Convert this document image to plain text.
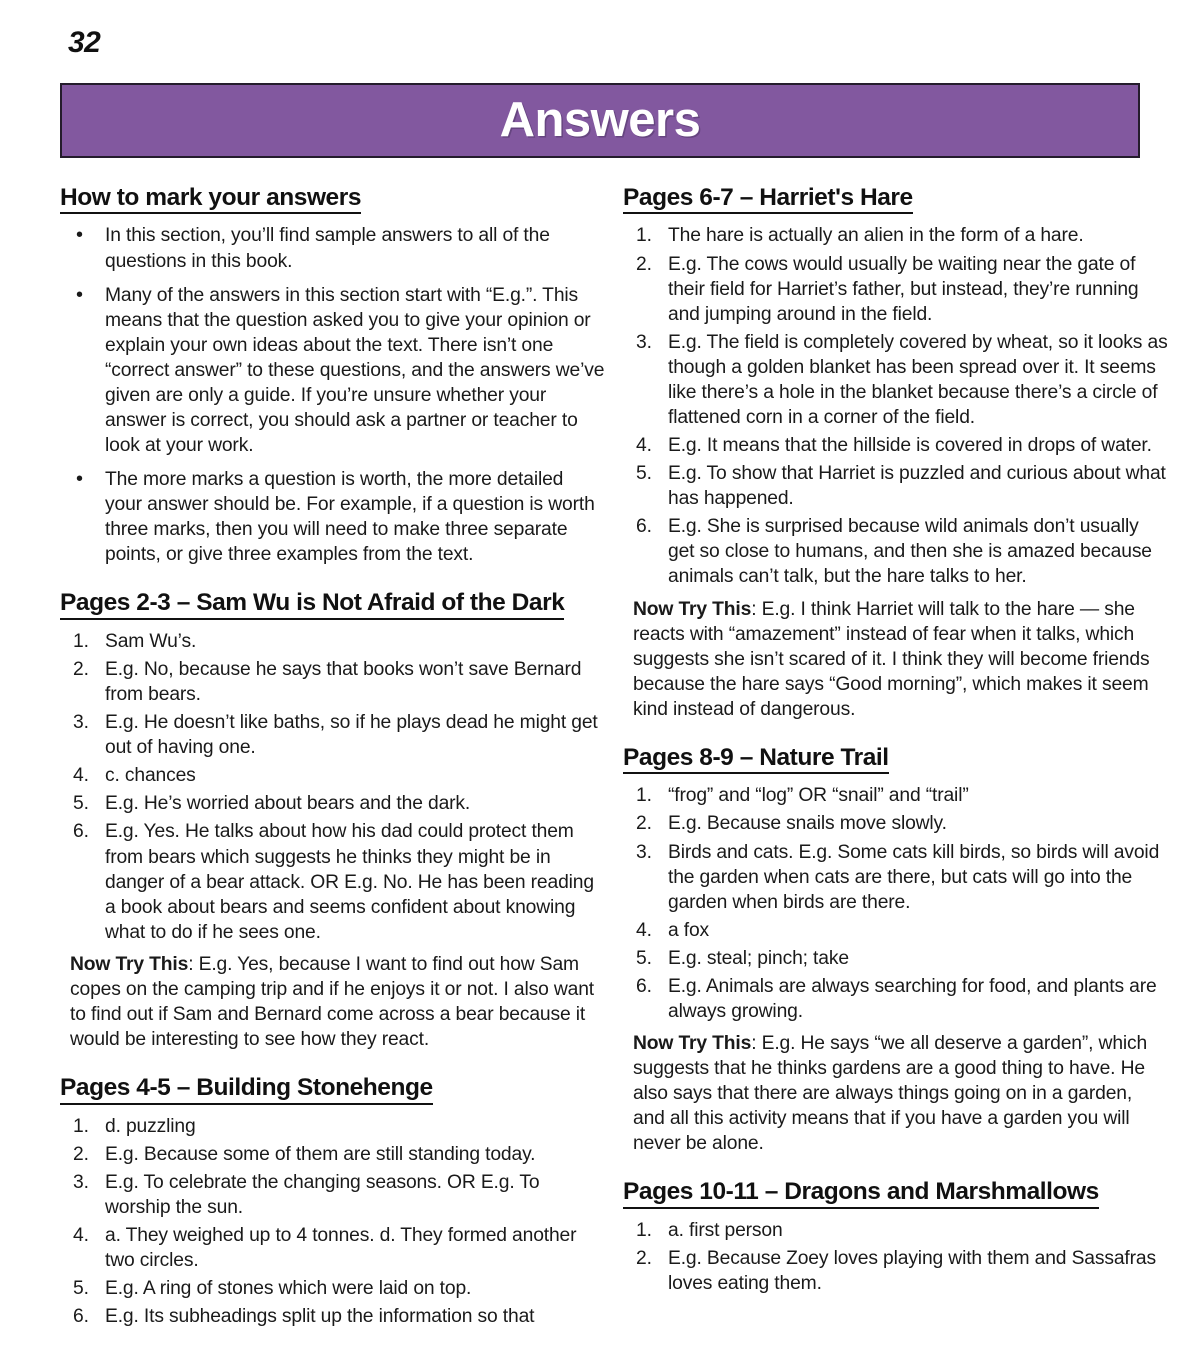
32
Answers
How to mark your answers
• In this section, you’ll find sample answers to all of the questions in this book.
• Many of the answers in this section start with “E.g.”. This means that the question asked you to give your opinion or explain your own ideas about the text. There isn’t one “correct answer” to these questions, and the answers we’ve given are only a guide. If you’re unsure whether your answer is correct, you should ask a partner or teacher to look at your work.
• The more marks a question is worth, the more detailed your answer should be. For example, if a question is worth three marks, then you will need to make three separate points, or give three examples from the text.
Pages 2-3 – Sam Wu is Not Afraid of the Dark
Sam Wu’s.
E.g. No, because he says that books won’t save Bernard from bears.
E.g. He doesn’t like baths, so if he plays dead he might get out of having one.
c. chances
E.g. He’s worried about bears and the dark.
E.g. Yes. He talks about how his dad could protect them from bears which suggests he thinks they might be in danger of a bear attack. OR E.g. No. He has been reading a book about bears and seems confident about knowing what to do if he sees one.

Now Try This: E.g. Yes, because I want to find out how Sam copes on the camping trip and if he enjoys it or not. I also want to find out if Sam and Bernard come across a bear because it would be interesting to see how they react.

Pages 4-5 – Building Stonehenge
d. puzzling
E.g. Because some of them are still standing today.
E.g. To celebrate the changing seasons. OR E.g. To worship the sun.
a. They weighed up to 4 tonnes. d. They formed another two circles.
E.g. A ring of stones which were laid on top.
E.g. Its subheadings split up the information so that
Pages 6-7 – Harriet's Hare
The hare is actually an alien in the form of a hare.
E.g. The cows would usually be waiting near the gate of their field for Harriet’s father, but instead, they’re running and jumping around in the field.
E.g. The field is completely covered by wheat, so it looks as though a golden blanket has been spread over it. It seems like there’s a hole in the blanket because there’s a circle of flattened corn in a corner of the field.
E.g. It means that the hillside is covered in drops of water.
E.g. To show that Harriet is puzzled and curious about what has happened.
E.g. She is surprised because wild animals don’t usually get so close to humans, and then she is amazed because animals can’t talk, but the hare talks to her.

Now Try This: E.g. I think Harriet will talk to the hare — she reacts with “amazement” instead of fear when it talks, which suggests she isn’t scared of it. I think they will become friends because the hare says “Good morning”, which makes it seem kind instead of dangerous.

Pages 8-9 – Nature Trail
“frog” and “log” OR “snail” and “trail”
E.g. Because snails move slowly.
Birds and cats. E.g. Some cats kill birds, so birds will avoid the garden when cats are there, but cats will go into the garden when birds are there.
a fox
E.g. steal; pinch; take
E.g. Animals are always searching for food, and plants are always growing.

Now Try This: E.g. He says “we all deserve a garden”, which suggests that he thinks gardens are a good thing to have. He also says that there are always things going on in a garden, and all this activity means that if you have a garden you will never be alone.

Pages 10-11 – Dragons and Marshmallows
a. first person
E.g. Because Zoey loves playing with them and Sassafras loves eating them.
